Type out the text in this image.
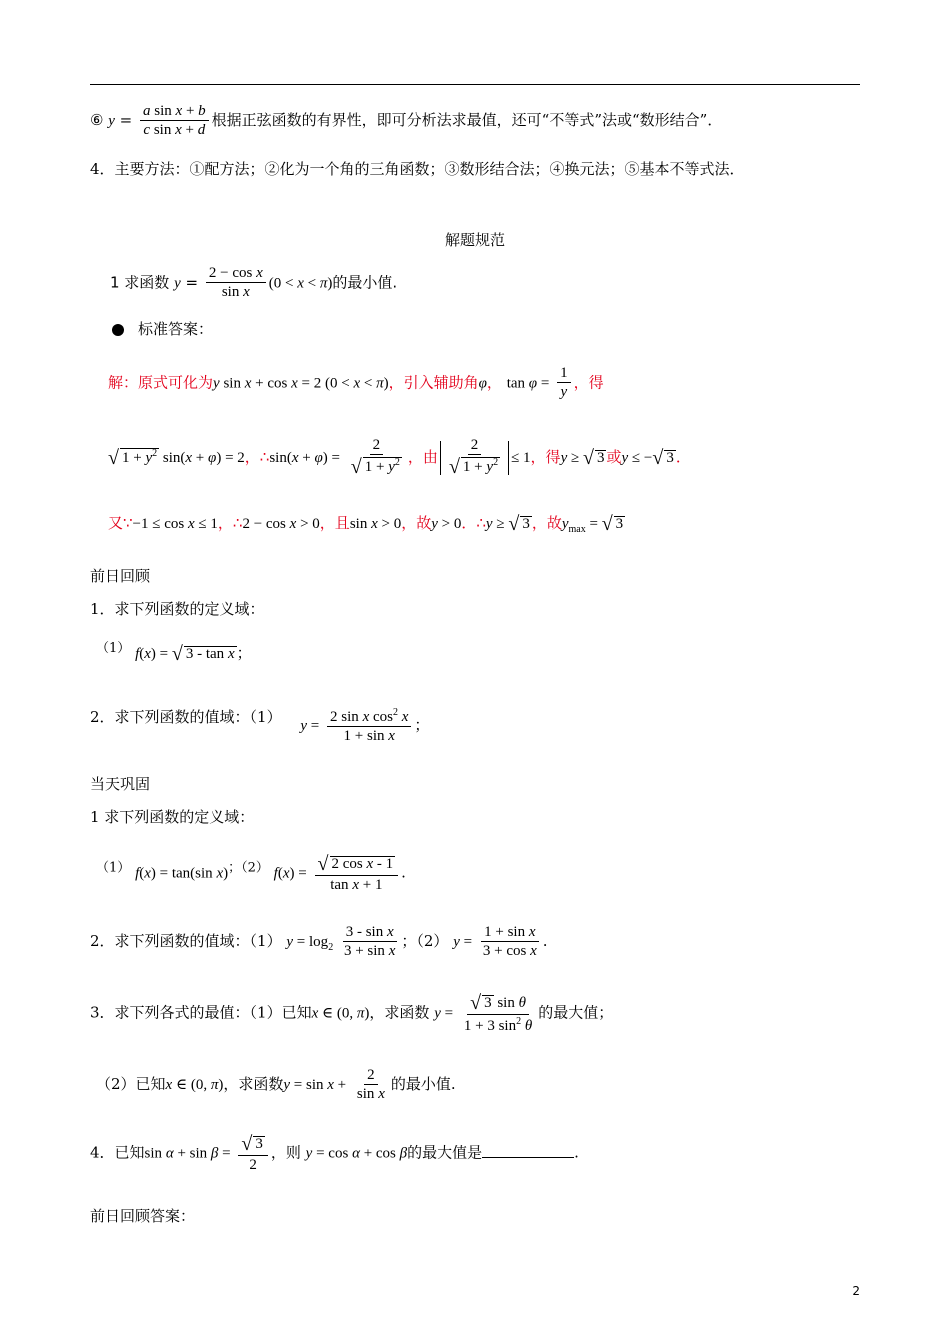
⑥ $y = \frac{\text{a sin x + b}}{\text{c sin x + d}}$ 根据正弦函数的有界性，即可分析法求最值，还可“不等式”法或“数形结合”．
4．主要方法：①配方法；②化为一个角的三角函数；③数形结合法；④换元法；⑤基本不等式法．
解题规范
1 求函数 $y = \frac{\text{2 − cos x}}{\text{sin x}} (0 < x < \pi)$的最小值.
标准答案：
解：原式可化为y sin x + cos x = 2 (0 < x < π)，引入辅助角φ， $\tan \varphi = \frac{1}{y}$ ，得
√ $1 + y^2$ sin(x + φ) = 2，∴sin(x + $\varphi) = \frac{2}{√ 1 + y^2}$ ，由 $\frac{2}{√ 1 + y^2} \le 1$，得y ≥ √ 3 或y ≤ −√ 3 ．
又∵−1 ≤ cos x ≤ 1，∴2 − cos x > 0，且sin x > 0，故y > 0．∴y ≥ √ 3 ，故$y_{max}$ = √ 3
前日回顾
1．求下列函数的定义域：
（1） f(x) = √ 3 - tan x ；
2．求下列函数的值域：（1） $y = \frac{2 \sin x \cos^2 x}{\text{1 + sin x}}$ ；
当天巩固
1 求下列函数的定义域：
（1） f(x) = tan(sin x)；（2） $f(x) = \frac{\text{√ 2 cos x - 1}}{\text{tan x + 1}}$ .
2．求下列函数的值域：（1） $y = \log_2 \frac{\text{3 - sin x}}{\text{3 + sin x}}$ ；（2） $y = \frac{\text{1 + sin x}}{\text{3 + cos x}}$ .
3．求下列各式的最值：（1）已知x ∈ (0, π)，求函数 $y = \frac{\text{√ 3 sin θ}}{1 + 3 \sin^2 \theta}$ 的最大值；
（2）已知x ∈ (0, π)，求函数$y = \sin x + \frac{2}{\text{sin x}}$ 的最小值.
4．已知$\sin \alpha + \sin \beta = \frac{√ 3}{2}$ ，则 y = cos α + cos β的最大值是	.
前日回顾答案：
2
